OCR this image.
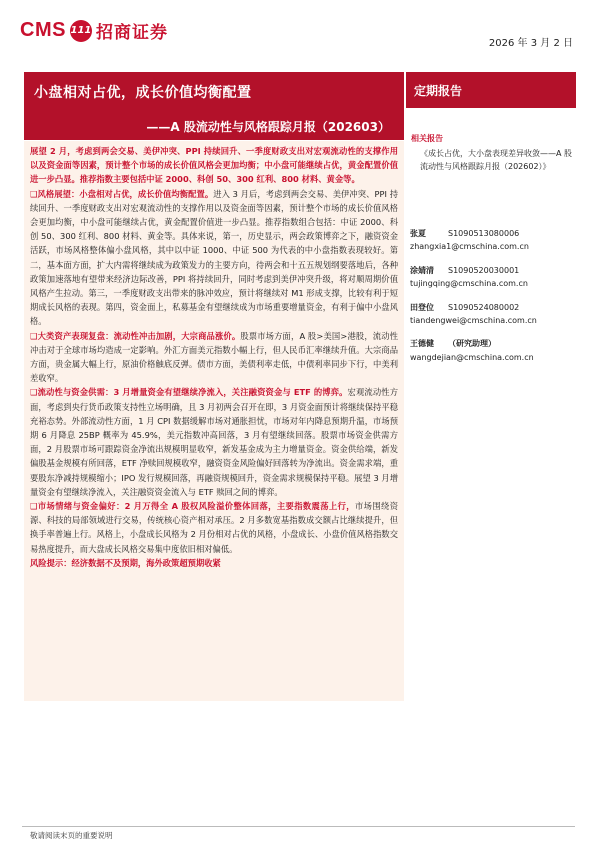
CMS 111 招商证券
2026 年 3 月 2 日
小盘相对占优，成长价值均衡配置
——A 股流动性与风格跟踪月报（202603）
定期报告

展望 2 月，考虑到两会交易、美伊冲突、PPI 持续回升、一季度财政支出对宏观流动性的支撑作用以及资金面等因素，预计整个市场的成长价值风格会更加均衡；中小盘可能继续占优，黄金配置价值进一步凸显。推荐指数主要包括中证 2000、科创 50、300 红利、800 材料、黄金等。

❑风格展望：小盘相对占优，成长价值均衡配置。进入 3 月后，考虑到两会交易、美伊冲突、PPI 持续回升、一季度财政支出对宏观流动性的支撑作用以及资金面等因素，预计整个市场的成长价值风格会更加均衡，中小盘可能继续占优，黄金配置价值进一步凸显。推荐指数组合包括：中证 2000、科创 50、300 红利、800 材料、黄金等。具体来说，第一，历史显示，两会政策博弈之下，融资资金活跃，市场风格整体偏小盘风格，其中以中证 1000、中证 500 为代表的中小盘指数表现较好。第二，基本面方面，扩大内需将继续成为政策发力的主要方向，待两会和十五五规划纲要落地后，各种政策加速落地有望带来经济边际改善，PPI 将持续回升，同时考虑到美伊冲突升级，将对顺周期价值风格产生拉动。第三，一季度财政支出带来的脉冲效应，预计将继续对 M1 形成支撑，比较有利于短期成长风格的表现。第四，资金面上，私募基金有望继续成为市场重要增量资金，有利于偏中小盘风格。

❑大类资产表现复盘：流动性冲击加剧，大宗商品涨价。股票市场方面，A 股>美国>港股，流动性冲击对于全球市场均造成一定影响。外汇方面美元指数小幅上行，但人民币汇率继续升值。大宗商品方面，贵金属大幅上行，原油价格触底反弹。债市方面，美债利率走低，中债利率同步下行，中美利差收窄。

❑流动性与资金供需：3 月增量资金有望继续净流入，关注融资资金与 ETF 的博弈。宏观流动性方面，考虑到央行货币政策支持性立场明确，且 3 月初两会召开在即，3 月资金面预计将继续保持平稳充裕态势。外部流动性方面，1 月 CPI 数据缓解市场对通胀担忧，市场对年内降息预期升温，市场预期 6 月降息 25BP 概率为 45.9%，美元指数冲高回落，3 月有望继续回落。股票市场资金供需方面，2 月股票市场可跟踪资金净流出规模明显收窄，新发基金成为主力增量资金。资金供给端，新发偏股基金规模有所回落，ETF 净赎回规模收窄，融资资金风险偏好回落转为净流出。资金需求端，重要股东净减持规模缩小；IPO 发行规模回落，再融资规模回升，资金需求规模保持平稳。展望 3 月增量资金有望继续净流入，关注融资资金流入与 ETF 赎回之间的博弈。

❑市场情绪与资金偏好：2 月万得全 A 股权风险溢价整体回落，主要指数震荡上行，市场围绕资源、科技的局部领域进行交易，传统核心资产相对承压。2 月多数宽基指数成交额占比继续提升，但换手率普遍上行。风格上，小盘成长风格为 2 月份相对占优的风格，小盘成长、小盘价值风格指数交易热度提升，而大盘成长风格交易集中度依旧相对偏低。

风险提示：经济数据不及预期，海外政策超预期收紧

相关报告
《成长占优，大小盘表现差异收敛——A 股流动性与风格跟踪月报（202602）》
张夏	S1090513080006
zhangxia1@cmschina.com.cn
涂婧清	S1090520030001
tujingqing@cmschina.com.cn
田登位	S1090524080002
tiandengwei@cmschina.com.cn
王德健	（研究助理）
wangdejian@cmschina.com.cn
敬请阅读末页的重要说明
